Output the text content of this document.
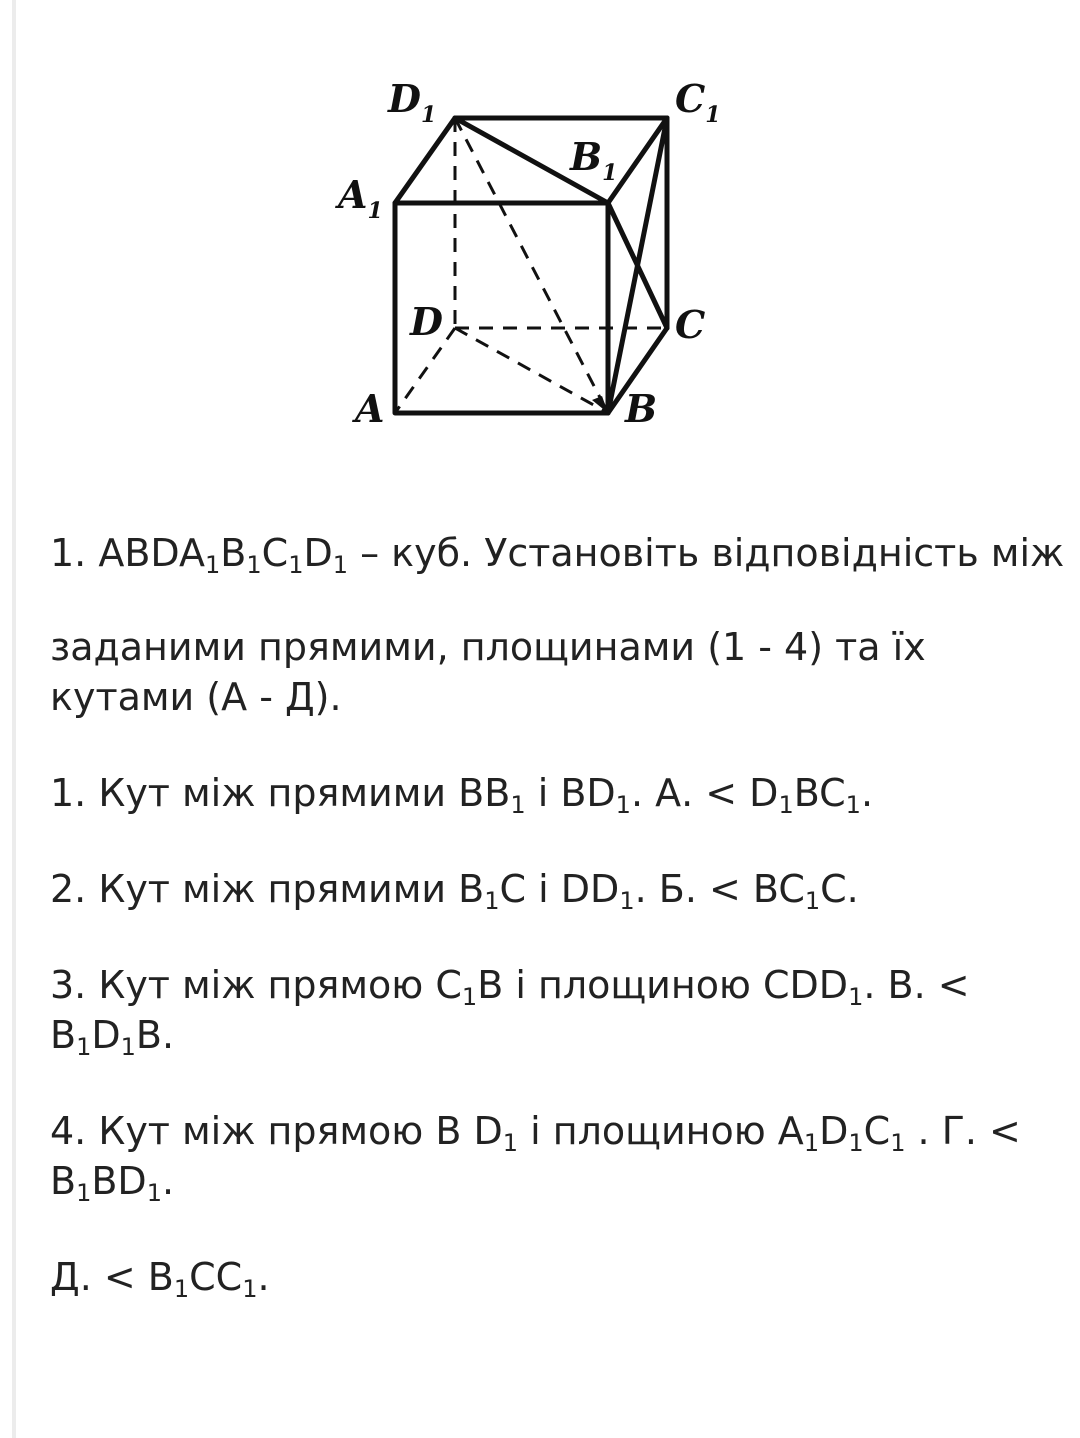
$D_1$	$C_1$
$B_1$
$A_1$
D	C
A	B

1. $ABDA_1B_1C_1D_1$ – куб. Установіть відповідність між

заданими прямими, площинами (1 - 4) та їх кутами (А - Д).

1. Кут між прямими $BB_1$ і $BD_1$. А. < $D_1BC_1$.

2. Кут між прямими $B_1C$ і $DD_1$. Б. < $BC_1C$.

3. Кут між прямою $C_1B$ і площиною $CDD_1$. В. < $B_1D_1B$.

4. Кут між прямою B $D_1$ і площиною $A_1D_1C_1$ . Г. < $B_1BD_1$.

Д. < $B_1CC_1$.
